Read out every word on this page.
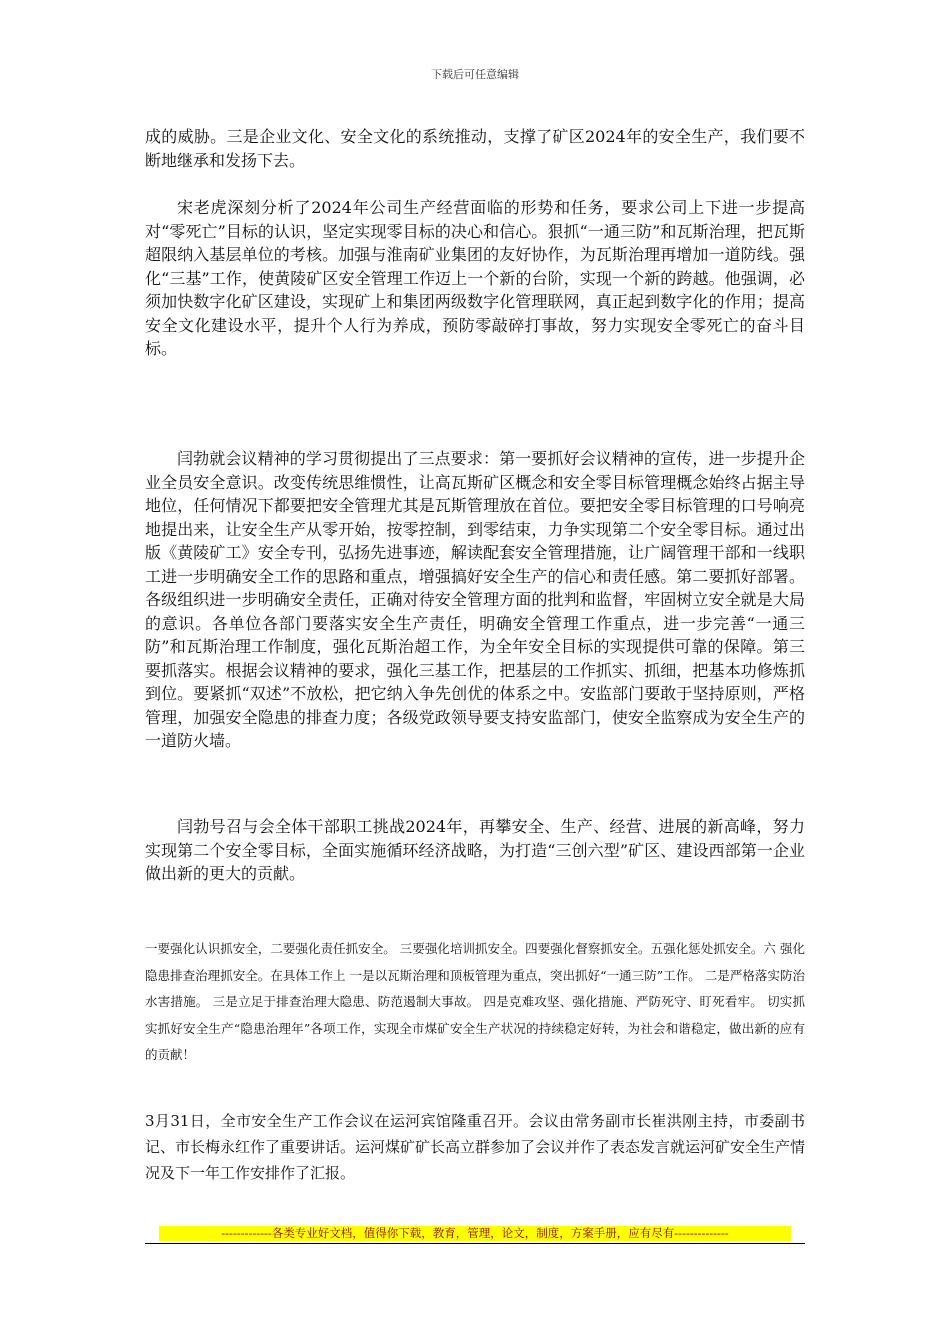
下载后可任意编辑

成的威胁。三是企业文化、安全文化的系统推动，支撑了矿区2024年的安全生产，我们要不断地继承和发扬下去。

宋老虎深刻分析了2024年公司生产经营面临的形势和任务，要求公司上下进一步提高对“零死亡”目标的认识，坚定实现零目标的决心和信心。狠抓“一通三防”和瓦斯治理，把瓦斯超限纳入基层单位的考核。加强与淮南矿业集团的友好协作，为瓦斯治理再增加一道防线。强化“三基”工作，使黄陵矿区安全管理工作迈上一个新的台阶，实现一个新的跨越。他强调，必须加快数字化矿区建设，实现矿上和集团两级数字化管理联网，真正起到数字化的作用；提高安全文化建设水平，提升个人行为养成，预防零敲碎打事故，努力实现安全零死亡的奋斗目标。

闫勃就会议精神的学习贯彻提出了三点要求：第一要抓好会议精神的宣传，进一步提升企业全员安全意识。改变传统思维惯性，让高瓦斯矿区概念和安全零目标管理概念始终占据主导地位，任何情况下都要把安全管理尤其是瓦斯管理放在首位。要把安全零目标管理的口号响亮地提出来，让安全生产从零开始，按零控制，到零结束，力争实现第二个安全零目标。通过出版《黄陵矿工》安全专刊，弘扬先进事迹，解读配套安全管理措施，让广阔管理干部和一线职工进一步明确安全工作的思路和重点，增强搞好安全生产的信心和责任感。第二要抓好部署。各级组织进一步明确安全责任，正确对待安全管理方面的批判和监督，牢固树立安全就是大局的意识。各单位各部门要落实安全生产责任，明确安全管理工作重点，进一步完善“一通三防”和瓦斯治理工作制度，强化瓦斯治超工作，为全年安全目标的实现提供可靠的保障。第三要抓落实。根据会议精神的要求，强化三基工作，把基层的工作抓实、抓细，把基本功修炼抓到位。要紧抓“双述”不放松，把它纳入争先创优的体系之中。安监部门要敢于坚持原则，严格管理，加强安全隐患的排查力度；各级党政领导要支持安监部门，使安全监察成为安全生产的一道防火墙。

闫勃号召与会全体干部职工挑战2024年，再攀安全、生产、经营、进展的新高峰，努力实现第二个安全零目标，全面实施循环经济战略，为打造“三创六型”矿区、建设西部第一企业做出新的更大的贡献。

一要强化认识抓安全，二要强化责任抓安全。 三要强化培训抓安全。四要强化督察抓安全。五强化惩处抓安全。六 强化隐患排查治理抓安全。在具体工作上 一是以瓦斯治理和顶板管理为重点，突出抓好“一通三防”工作。 二是严格落实防治水害措施。 三是立足于排查治理大隐患、防范遏制大事故。 四是克难攻坚、强化措施、严防死守、盯死看牢。 切实抓实抓好安全生产“隐患治理年”各项工作，实现全市煤矿安全生产状况的持续稳定好转，为社会和谐稳定，做出新的应有的贡献！

3月31日，全市安全生产工作会议在运河宾馆隆重召开。会议由常务副市长崔洪刚主持，市委副书记、市长梅永红作了重要讲话。运河煤矿矿长高立群参加了会议并作了表态发言就运河矿安全生产情况及下一年工作安排作了汇报。

-------------各类专业好文档，值得你下载，教育，管理，论文，制度，方案手册，应有尽有--------------
